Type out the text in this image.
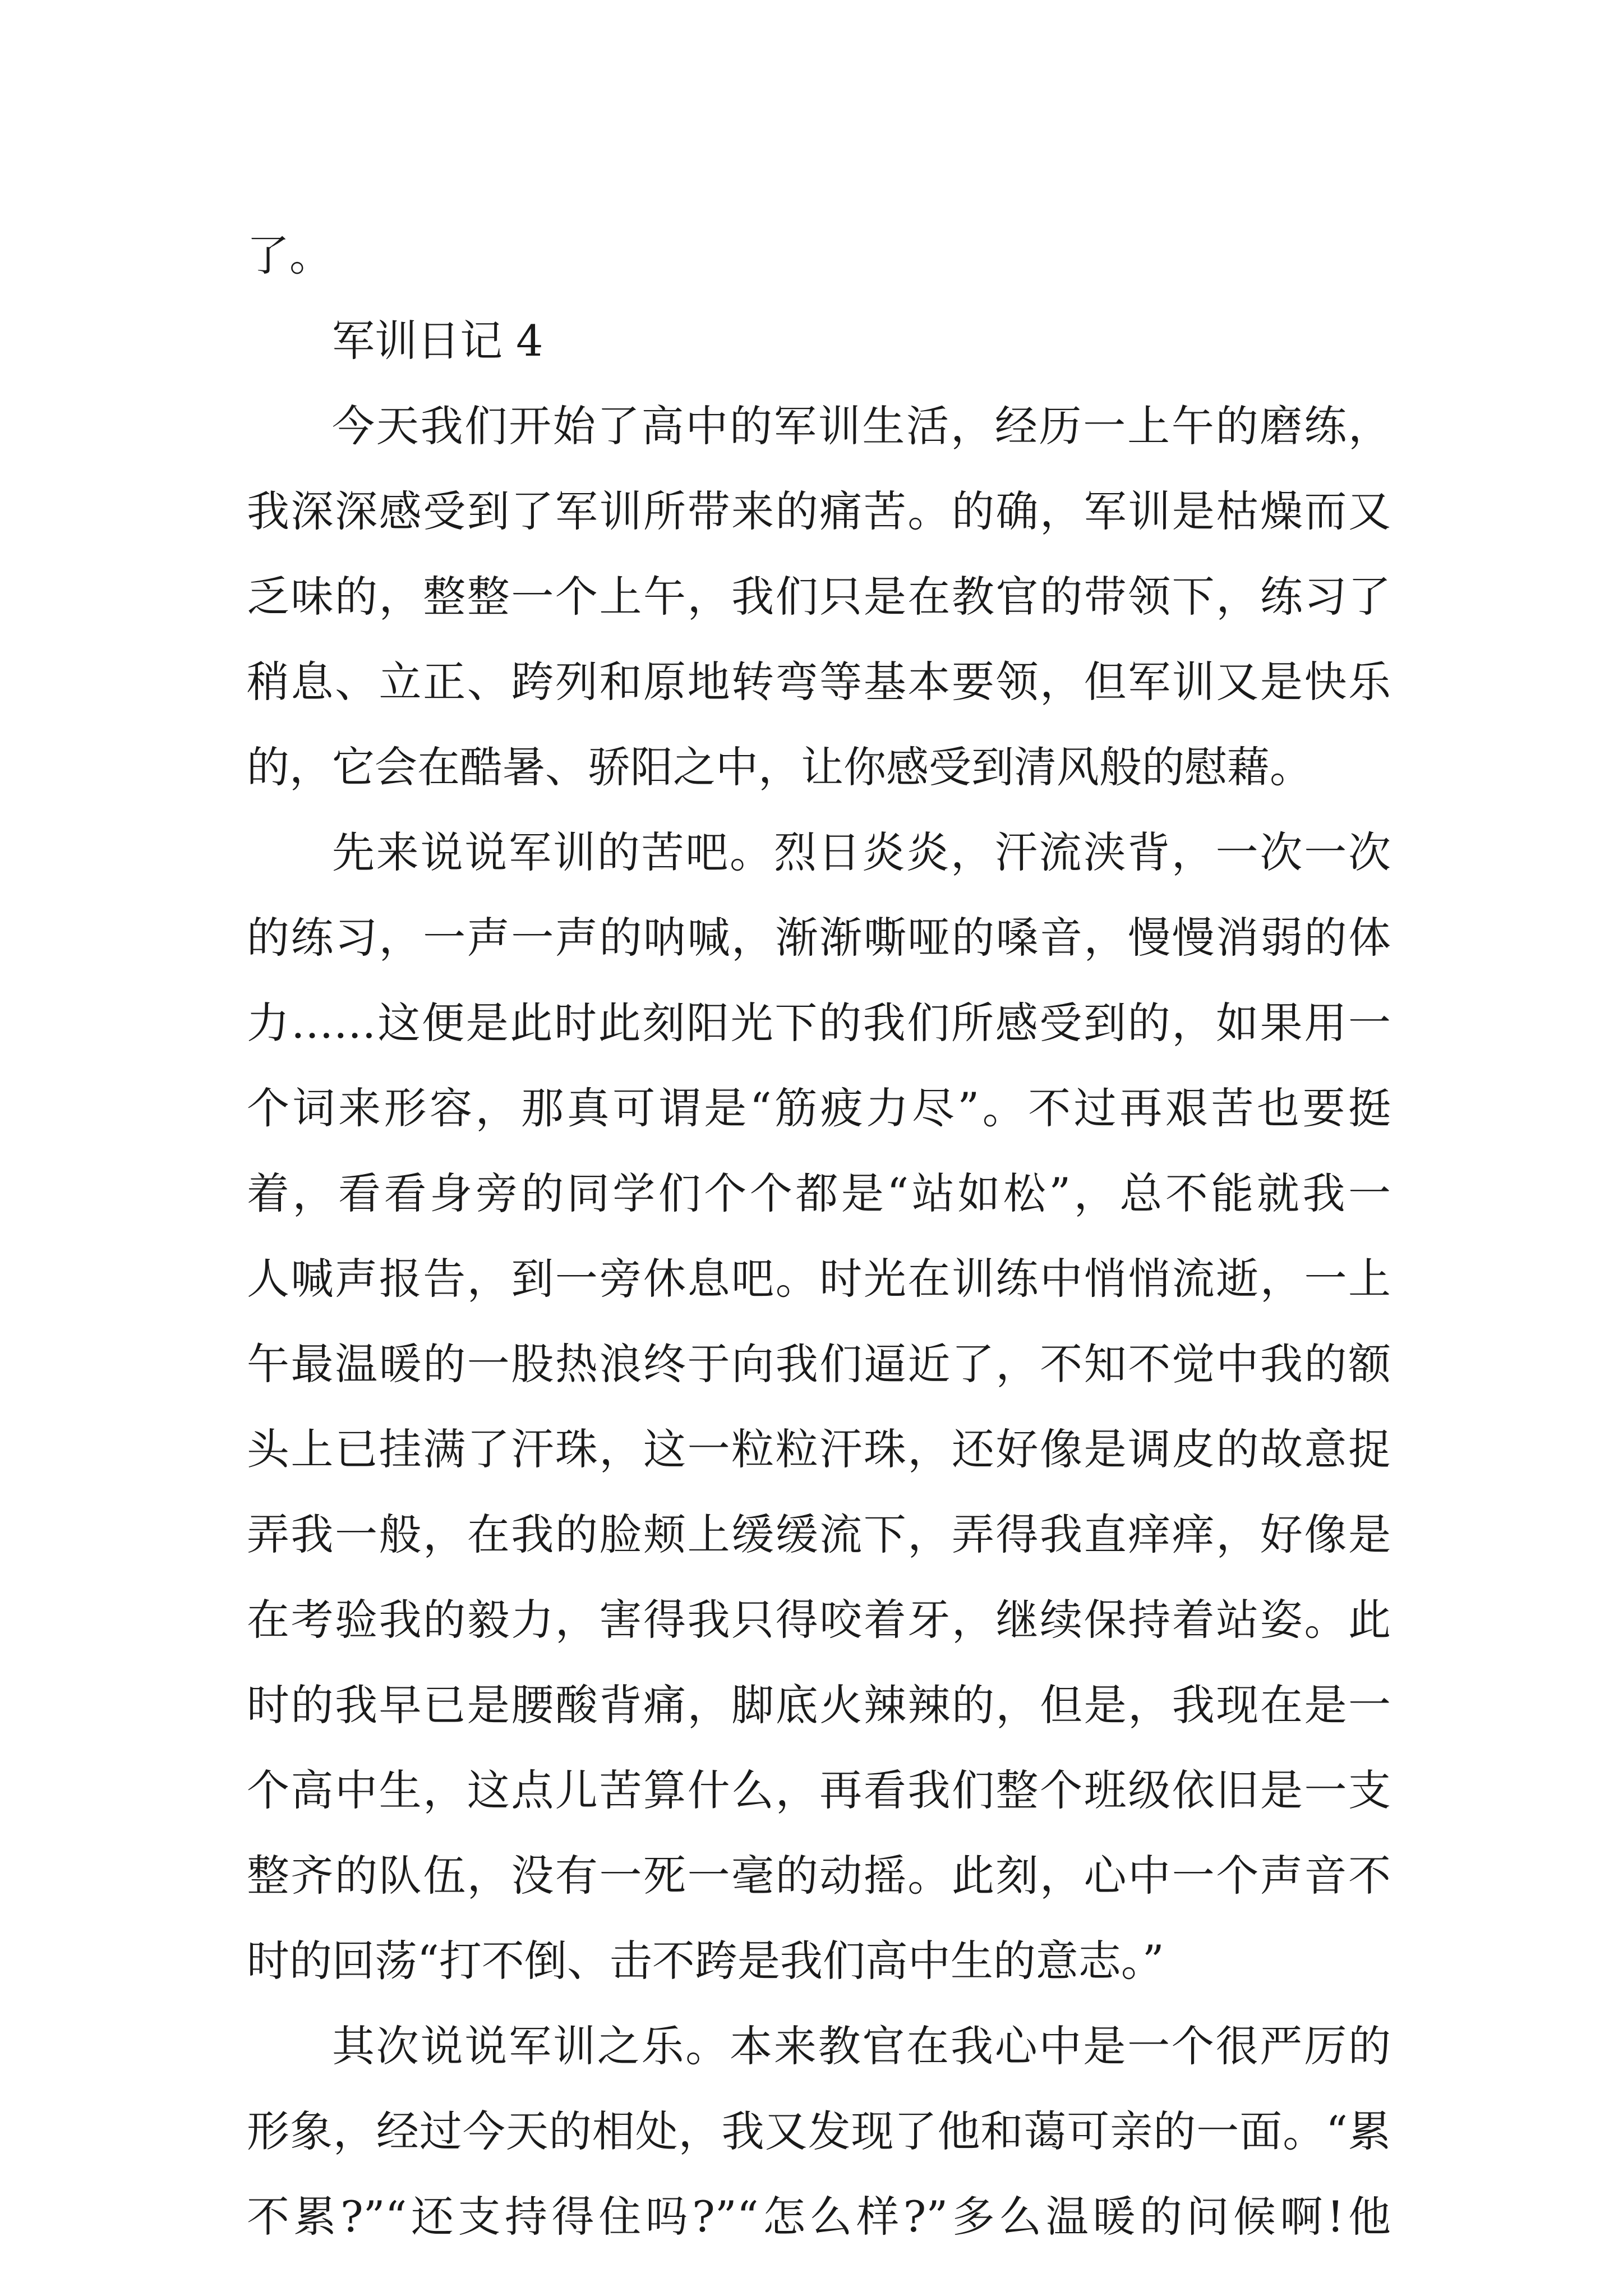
了。
军训日记 4
今天我们开始了高中的军训生活，经历一上午的磨练，
我深深感受到了军训所带来的痛苦。的确，军训是枯燥而又
乏味的，整整一个上午，我们只是在教官的带领下，练习了
稍息、立正、跨列和原地转弯等基本要领，但军训又是快乐
的，它会在酷暑、骄阳之中，让你感受到清风般的慰藉。
先来说说军训的苦吧。烈日炎炎，汗流浃背，一次一次
的练习，一声一声的呐喊，渐渐嘶哑的嗓音，慢慢消弱的体
力……这便是此时此刻阳光下的我们所感受到的，如果用一
个词来形容，那真可谓是“筋疲力尽”。不过再艰苦也要挺
着，看看身旁的同学们个个都是“站如松”，总不能就我一
人喊声报告，到一旁休息吧。时光在训练中悄悄流逝，一上
午最温暖的一股热浪终于向我们逼近了，不知不觉中我的额
头上已挂满了汗珠，这一粒粒汗珠，还好像是调皮的故意捉
弄我一般，在我的脸颊上缓缓流下，弄得我直痒痒，好像是
在考验我的毅力，害得我只得咬着牙，继续保持着站姿。此
时的我早已是腰酸背痛，脚底火辣辣的，但是，我现在是一
个高中生，这点儿苦算什么，再看我们整个班级依旧是一支
整齐的队伍，没有一死一毫的动摇。此刻，心中一个声音不
时的回荡“打不倒、击不跨是我们高中生的意志。”
其次说说军训之乐。本来教官在我心中是一个很严厉的
形象，经过今天的相处，我又发现了他和蔼可亲的一面。“累
不累?”“还支持得住吗?”“怎么样?”多么温暖的问候啊!他
